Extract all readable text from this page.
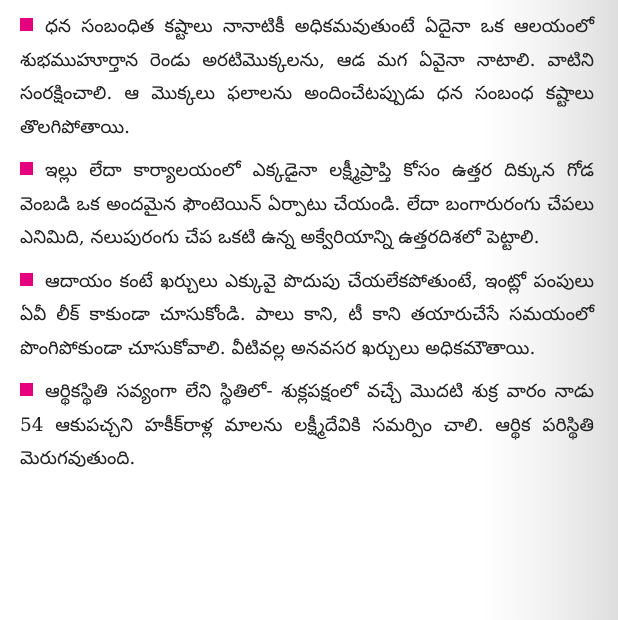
ధన సంబంధిత కష్టాలు నానాటికీ అధికమవుతుంటే ఏదైనా ఒక ఆలయంలో శుభముహూర్తాన రెండు అరటిమొక్కలను, ఆడ మగ ఏవైనా నాటాలి. వాటిని సంరక్షించాలి. ఆ మొక్కలు ఫలాలను అందించేటప్పుడు ధన సంబంధ కష్టాలు తొలగిపోతాయి.

ఇల్లు లేదా కార్యాలయంలో ఎక్కడైనా లక్ష్మీప్రాప్తి కోసం ఉత్తర దిక్కున గోడ వెంబడి ఒక అందమైన ఫౌంటెయిన్ ఏర్పాటు చేయండి. లేదా బంగారురంగు చేపలు ఎనిమిది, నలుపురంగు చేప ఒకటి ఉన్న అక్వేరియాన్ని ఉత్తరదిశలో పెట్టాలి.

ఆదాయం కంటే ఖర్చులు ఎక్కువై పొదుపు చేయలేకపోతుంటే, ఇంట్లో పంపులు ఏవీ లీక్ కాకుండా చూసుకోండి. పాలు కాని, టీ కాని తయారుచేసే సమయంలో పొంగిపోకుండా చూసుకోవాలి. వీటివల్ల అనవసర ఖర్చులు అధికమౌతాయి.

ఆర్థికస్థితి సవ్యంగా లేని స్థితిలో- శుక్లపక్షంలో వచ్చే మొదటి శుక్ర వారం నాడు 54 ఆకుపచ్చని హకీక్‌రాళ్ల మాలను లక్ష్మీదేవికి సమర్పిం చాలి. ఆర్థిక పరిస్థితి మెరుగవుతుంది.
